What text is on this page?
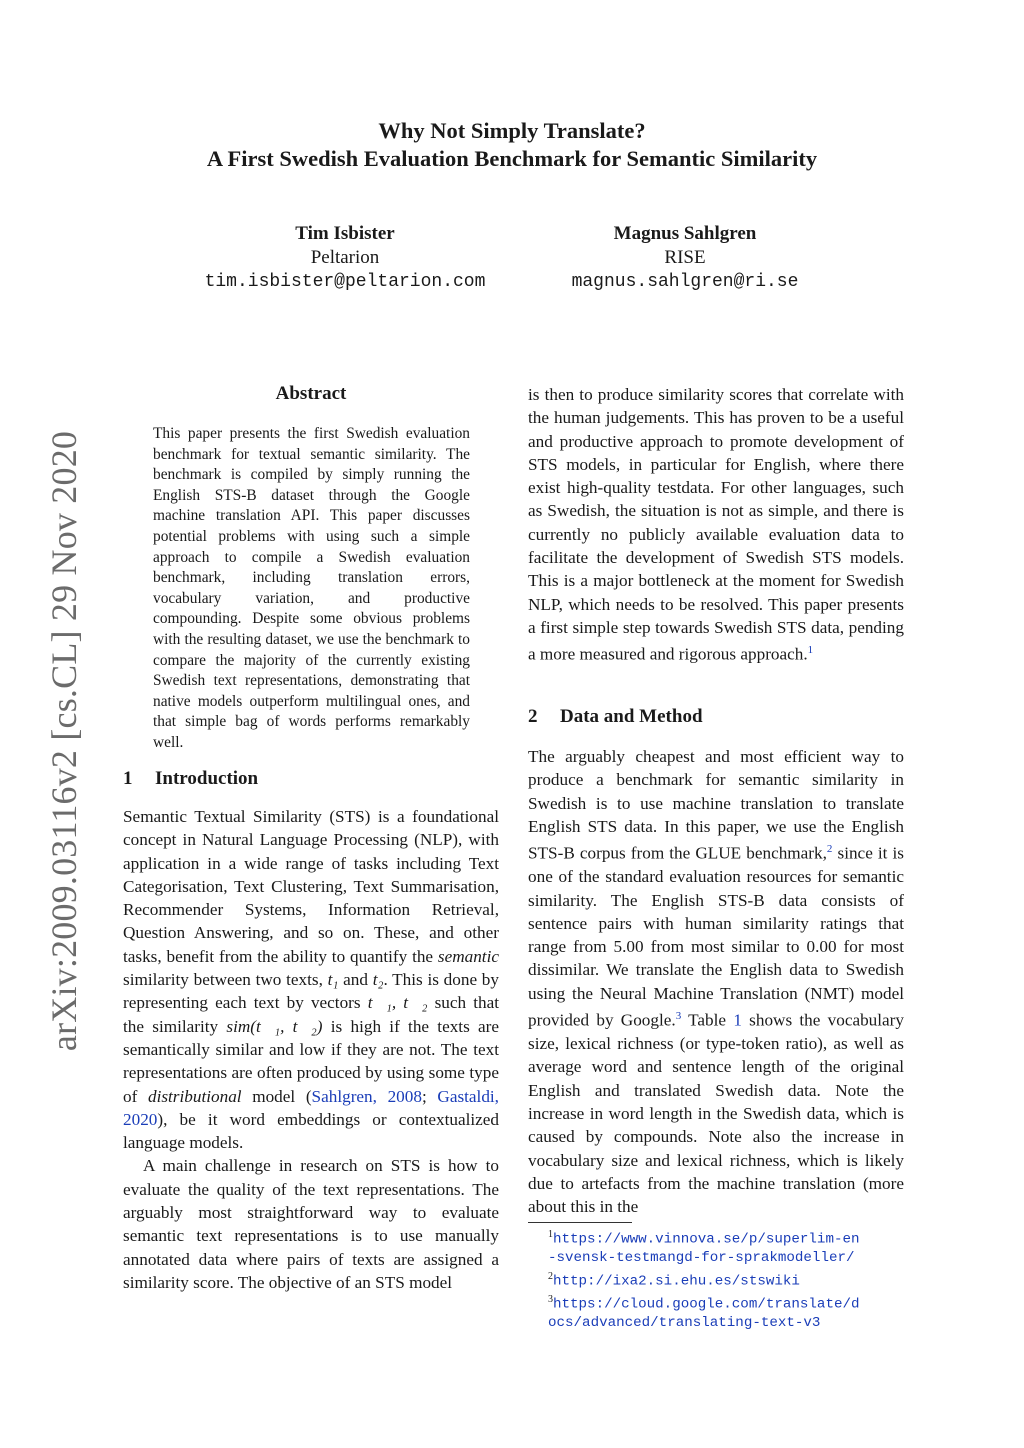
Why Not Simply Translate?
A First Swedish Evaluation Benchmark for Semantic Similarity
Tim Isbister
Peltarion
tim.isbister@peltarion.com
Magnus Sahlgren
RISE
magnus.sahlgren@ri.se
arXiv:2009.03116v2 [cs.CL] 29 Nov 2020
Abstract
This paper presents the first Swedish evaluation benchmark for textual semantic similarity. The benchmark is compiled by simply running the English STS-B dataset through the Google machine translation API. This paper discusses potential problems with using such a simple approach to compile a Swedish evaluation benchmark, including translation errors, vocabulary variation, and productive compounding. Despite some obvious problems with the resulting dataset, we use the benchmark to compare the majority of the currently existing Swedish text representations, demonstrating that native models outperform multilingual ones, and that simple bag of words performs remarkably well.
1 Introduction

Semantic Textual Similarity (STS) is a foundational concept in Natural Language Processing (NLP), with application in a wide range of tasks including Text Categorisation, Text Clustering, Text Summarisation, Recommender Systems, Information Retrieval, Question Answering, and so on. These, and other tasks, benefit from the ability to quantify the semantic similarity between two texts, t₁ and t₂. This is done by representing each text by vectors t⃗₁, t⃗₂ such that the similarity sim(t⃗₁, t⃗₂) is high if the texts are semantically similar and low if they are not. The text representations are often produced by using some type of distributional model (Sahlgren, 2008; Gastaldi, 2020), be it word embeddings or contextualized language models.

A main challenge in research on STS is how to evaluate the quality of the text representations. The arguably most straightforward way to evaluate semantic text representations is to use manually annotated data where pairs of texts are assigned a similarity score. The objective of an STS model

is then to produce similarity scores that correlate with the human judgements. This has proven to be a useful and productive approach to promote development of STS models, in particular for English, where there exist high-quality testdata. For other languages, such as Swedish, the situation is not as simple, and there is currently no publicly available evaluation data to facilitate the development of Swedish STS models. This is a major bottleneck at the moment for Swedish NLP, which needs to be resolved. This paper presents a first simple step towards Swedish STS data, pending a more measured and rigorous approach.$^1$

2 Data and Method

The arguably cheapest and most efficient way to produce a benchmark for semantic similarity in Swedish is to use machine translation to translate English STS data. In this paper, we use the English STS-B corpus from the GLUE benchmark,$^2$ since it is one of the standard evaluation resources for semantic similarity. The English STS-B data consists of sentence pairs with human similarity ratings that range from 5.00 from most similar to 0.00 for most dissimilar. We translate the English data to Swedish using the Neural Machine Translation (NMT) model provided by Google.$^3$ Table 1 shows the vocabulary size, lexical richness (or type-token ratio), as well as average word and sentence length of the original English and translated Swedish data. Note the increase in word length in the Swedish data, which is caused by compounds. Note also the increase in vocabulary size and lexical richness, which is likely due to artefacts from the machine translation (more about this in the

$^1$https://www.vinnova.se/p/superlim-en
-svensk-testmangd-for-sprakmodeller/
$^2$http://ixa2.si.ehu.es/stswiki
$^3$https://cloud.google.com/translate/d
ocs/advanced/translating-text-v3
